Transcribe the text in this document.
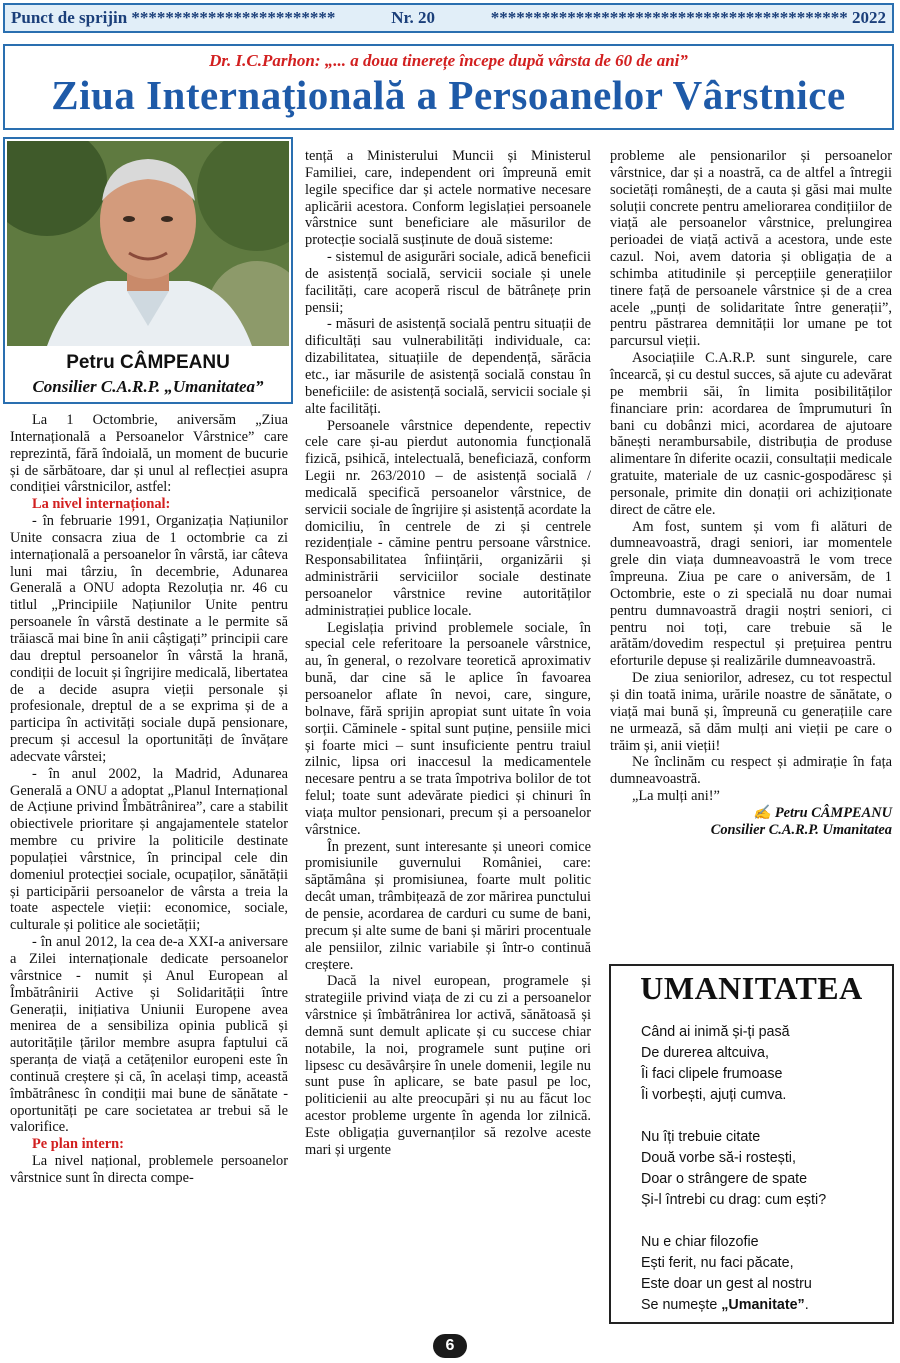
Punct de sprijin ************************	Nr. 20	****************************************** 2022
Dr. I.C.Parhon: „... a doua tinerețe începe după vârsta de 60 de ani”
Ziua Internaţională a Persoanelor Vârstnice
Petru CÂMPEANU
Consilier C.A.R.P. „Umanitatea”

La 1 Octombrie, aniversăm „Ziua Internațională a Persoanelor Vârstnice” care reprezintă, fără îndoială, un moment de bucurie și de sărbătoare, dar și unul al reflecției asupra condiției vârstnicilor, astfel:

La nivel internațional:

- în februarie 1991, Organizația Națiunilor Unite consacra ziua de 1 octombrie ca zi internațională a persoanelor în vârstă, iar câteva luni mai târziu, în decembrie, Adunarea Generală a ONU adopta Rezoluția nr. 46 cu titlul „Principiile Națiunilor Unite pentru persoanele în vârstă destinate a le permite să trăiască mai bine în anii câștigați” principii care dau dreptul persoanelor în vârstă la hrană, condiții de locuit și îngrijire medicală, libertatea de a decide asupra vieții personale și profesionale, dreptul de a se exprima și de a participa în activități sociale după pensionare, precum și accesul la oportunități de învățare adecvate vârstei;

- în anul 2002, la Madrid, Adunarea Generală a ONU a adoptat „Planul Internațional de Acțiune privind Îmbătrânirea”, care a stabilit obiectivele prioritare și angajamentele statelor membre cu privire la politicile destinate populației vârstnice, în principal cele din domeniul protecției sociale, ocupaților, sănătății și participării persoanelor de vârsta a treia la toate aspectele vieții: economice, sociale, culturale și politice ale societății;

- în anul 2012, la cea de-a XXI-a aniversare a Zilei internaționale dedicate persoanelor vârstnice - numit și Anul European al Îmbătrânirii Active și Solidarității între Generații, inițiativa Uniunii Europene avea menirea de a sensibiliza opinia publică și autoritățile țărilor membre asupra faptului că speranța de viață a cetățenilor europeni este în continuă creștere și că, în același timp, această îmbătrânesc în condiții mai bune de sănătate - oportunități pe care societatea ar trebui să le valorifice.

Pe plan intern:

La nivel național, problemele persoanelor vârstnice sunt în directa compe-

tență a Ministerului Muncii și Ministerul Familiei, care, independent ori împreună emit legile specifice dar și actele normative necesare aplicării acestora. Conform legislației persoanele vârstnice sunt beneficiare ale măsurilor de protecție socială susținute de două sisteme:

- sistemul de asigurări sociale, adică beneficii de asistență socială, servicii sociale și unele facilități, care acoperă riscul de bătrânețe prin pensii;

- măsuri de asistență socială pentru situații de dificultăți sau vulnerabilități individuale, ca: dizabilitatea, situațiile de dependență, sărăcia etc., iar măsurile de asistență socială constau în beneficiile: de asistență socială, servicii sociale și alte facilități.

Persoanele vârstnice dependente, repectiv cele care și-au pierdut autonomia funcțională fizică, psihică, intelectuală, beneficiază, conform Legii nr. 263/2010 – de asistență socială / medicală specifică persoanelor vârstnice, de servicii sociale de îngrijire și asistență acordate la domiciliu, în centrele de zi și centrele rezidențiale - cămine pentru persoane vârstnice. Responsabilitatea înființării, organizării și administrării serviciilor sociale destinate persoanelor vârstnice revine autorităților administrației publice locale.

Legislația privind problemele sociale, în special cele referitoare la persoanele vârstnice, au, în general, o rezolvare teoretică aproximativ bună, dar cine să le aplice în favoarea persoanelor aflate în nevoi, care, singure, bolnave, fără sprijin apropiat sunt uitate în voia sorții. Căminele - spital sunt puține, pensiile mici și foarte mici – sunt insuficiente pentru traiul zilnic, lipsa ori inaccesul la medicamentele necesare pentru a se trata împotriva bolilor de tot felul; toate sunt adevărate piedici și chinuri în viața multor pensionari, precum și a persoanelor vârstnice.

În prezent, sunt interesante și uneori comice promisiunile guvernului României, care: săptămâna și promisiunea, foarte mult politic decât uman, trâmbițează de zor mărirea punctului de pensie, acordarea de carduri cu sume de bani, precum și alte sume de bani și măriri procentuale ale pensiilor, zilnic variabile și într-o continuă creștere.

Dacă la nivel european, programele și strategiile privind viața de zi cu zi a persoanelor vârstnice și îmbătrânirea lor activă, sănătoasă și demnă sunt demult aplicate și cu succese chiar notabile, la noi, programele sunt puține ori lipsesc cu desăvârșire în unele domenii, legile nu sunt puse în aplicare, se bate pasul pe loc, politicienii au alte preocupări și nu au făcut loc acestor probleme urgente în agenda lor zilnică. Este obligația guvernanților să rezolve aceste mari și urgente

probleme ale pensionarilor și persoanelor vârstnice, dar și a noastră, ca de altfel a întregii societăți românești, de a cauta și găsi mai multe soluții concrete pentru ameliorarea condițiilor de viață ale persoanelor vârstnice, prelungirea perioadei de viață activă a acestora, unde este cazul. Noi, avem datoria și obligația de a schimba atitudinile și percepțiile generațiilor tinere față de persoanele vârstnice și de a crea acele „punți de solidaritate între generații”, pentru păstrarea demnității lor umane pe tot parcursul vieții.

Asociațiile C.A.R.P. sunt singurele, care încearcă, și cu destul succes, să ajute cu adevărat pe membrii săi, în limita posibilităților financiare prin: acordarea de împrumuturi în bani cu dobânzi mici, acordarea de ajutoare bănești nerambursabile, distribuția de produse alimentare în diferite ocazii, consultații medicale gratuite, materiale de uz casnic-gospodăresc și personale, primite din donații ori achiziționate direct de către ele.

Am fost, suntem și vom fi alături de dumneavoastră, dragi seniori, iar momentele grele din viața dumneavoastră le vom trece împreuna. Ziua pe care o aniversăm, de 1 Octombrie, este o zi specială nu doar numai pentru dumnavoastră dragii noștri seniori, ci pentru noi toți, care trebuie să le arătăm/dovedim respectul și prețuirea pentru eforturile depuse și realizările dumneavoastră.

De ziua seniorilor, adresez, cu tot respectul și din toată inima, urările noastre de sănătate, o viață mai bună și, împreună cu generațiile care ne urmează, să dăm mulți ani vieții pe care o trăim și, anii vieții!

Ne înclinăm cu respect și admirație în fața dumneavoastră.

„La mulți ani!”

✍ Petru CÂMPEANU

Consilier C.A.R.P. Umanitatea

UMANITATEA
Când ai inimă și-ți pasă
De durerea altcuiva,
Îi faci clipele frumoase
Îi vorbești, ajuți cumva.
Nu îți trebuie citate
Două vorbe să-i rostești,
Doar o strângere de spate
Și-l întrebi cu drag: cum ești?
Nu e chiar filozofie
Ești ferit, nu faci păcate,
Este doar un gest al nostru
Se numește „Umanitate”.
6
